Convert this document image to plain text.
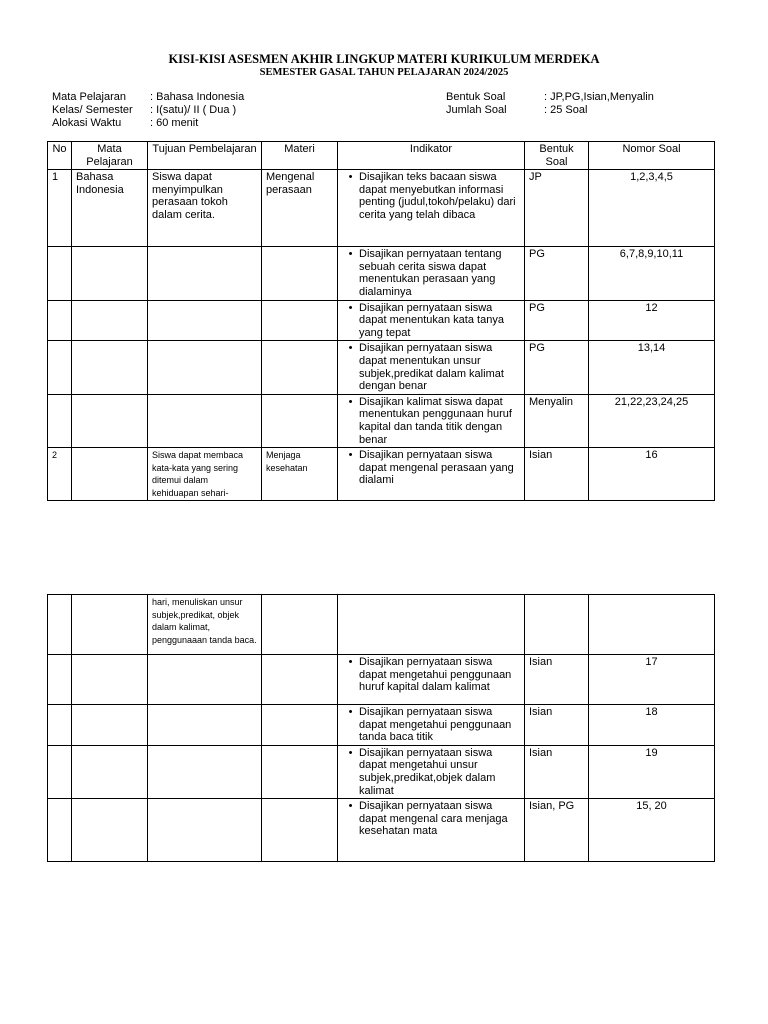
KISI-KISI ASESMEN AKHIR LINGKUP MATERI KURIKULUM MERDEKA
SEMESTER GASAL TAHUN PELAJARAN 2024/2025
Mata Pelajaran	: Bahasa Indonesia
Kelas/ Semester	: I(satu)/ II ( Dua )
Alokasi Waktu	: 60 menit
Bentuk Soal	: JP,PG,Isian,Menyalin
Jumlah Soal	: 25 Soal
No	Mata Pelajaran	Tujuan Pembelajaran	Materi	Indikator	Bentuk Soal	Nomor Soal
1	Bahasa Indonesia	Siswa dapat menyimpulkan perasaan tokoh dalam cerita.	Mengenal perasaan	• Disajikan teks bacaan siswa dapat menyebutkan informasi penting (judul,tokoh/pelaku) dari cerita yang telah dibaca	JP	1,2,3,4,5

				• Disajikan pernyataan tentang sebuah cerita siswa dapat menentukan perasaan yang dialaminya	PG	6,7,8,9,10,11

				• Disajikan pernyataan siswa dapat menentukan kata tanya yang tepat	PG	12

				• Disajikan pernyataan siswa dapat menentukan unsur subjek,predikat dalam kalimat dengan benar	PG	13,14

				• Disajikan kalimat siswa dapat menentukan penggunaan huruf kapital dan tanda titik dengan benar	Menyalin	21,22,23,24,25
2		Siswa dapat membaca kata-kata yang sering ditemui dalam kehiduapan sehari-	Menjaga kesehatan	• Disajikan pernyataan siswa dapat mengenal perasaan yang dialami	Isian	16
		hari, menuliskan unsur subjek,predikat, objek dalam kalimat, penggunaaan tanda baca.				

				• Disajikan pernyataan siswa dapat mengetahui penggunaan huruf kapital dalam kalimat	Isian	17

				• Disajikan pernyataan siswa dapat mengetahui penggunaan tanda baca titik	Isian	18

				• Disajikan pernyataan siswa dapat mengetahui unsur subjek,predikat,objek dalam kalimat	Isian	19

				• Disajikan pernyataan siswa dapat mengenal cara menjaga kesehatan mata	Isian, PG	15, 20
